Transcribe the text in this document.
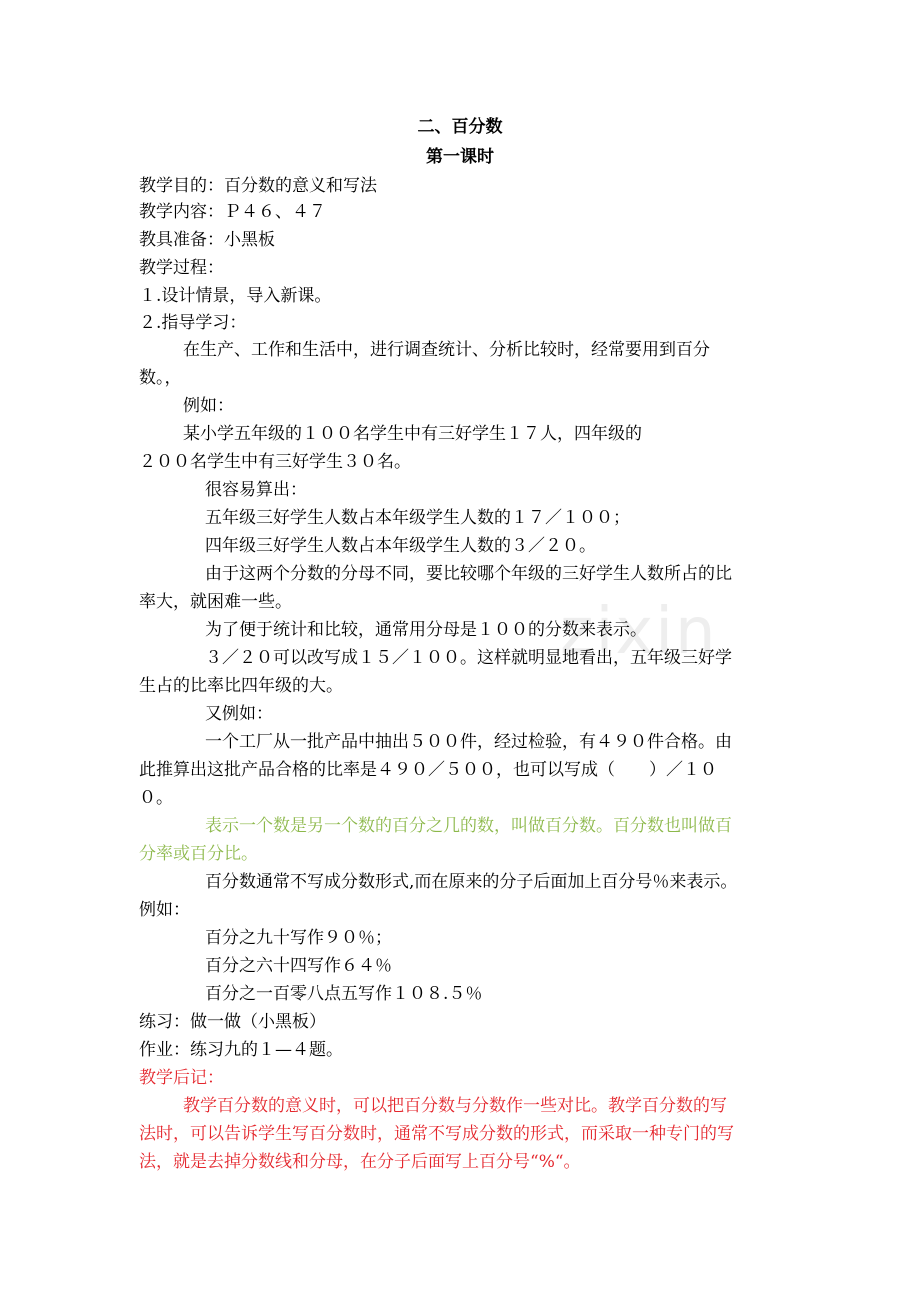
zixin
二、百分数
第一课时
教学目的：百分数的意义和写法
教学内容：Ｐ４６、４７
教具准备：小黑板
教学过程：
１.设计情景，导入新课。
２.指导学习：
在生产、工作和生活中，进行调查统计、分析比较时，经常要用到百分
数。，
例如：
某小学五年级的１００名学生中有三好学生１７人，四年级的
２００名学生中有三好学生３０名。
很容易算出：
五年级三好学生人数占本年级学生人数的１７／１００；
四年级三好学生人数占本年级学生人数的３／２０。
由于这两个分数的分母不同，要比较哪个年级的三好学生人数所占的比
率大，就困难一些。
为了便于统计和比较，通常用分母是１００的分数来表示。
３／２０可以改写成１５／１００。这样就明显地看出，五年级三好学
生占的比率比四年级的大。
又例如：
一个工厂从一批产品中抽出５００件，经过检验，有４９０件合格。由
此推算出这批产品合格的比率是４９０／５００，也可以写成（　　）／１０
０。
表示一个数是另一个数的百分之几的数，叫做百分数。百分数也叫做百
分率或百分比。
百分数通常不写成分数形式,而在原来的分子后面加上百分号％来表示。
例如：
百分之九十写作９０％；
百分之六十四写作６４％
百分之一百零八点五写作１０８.５％
练习：做一做（小黑板）
作业：练习九的１—４题。
教学后记：
教学百分数的意义时，可以把百分数与分数作一些对比。教学百分数的写
法时，可以告诉学生写百分数时，通常不写成分数的形式，而采取一种专门的写
法，就是去掉分数线和分母，在分子后面写上百分号“%“。
